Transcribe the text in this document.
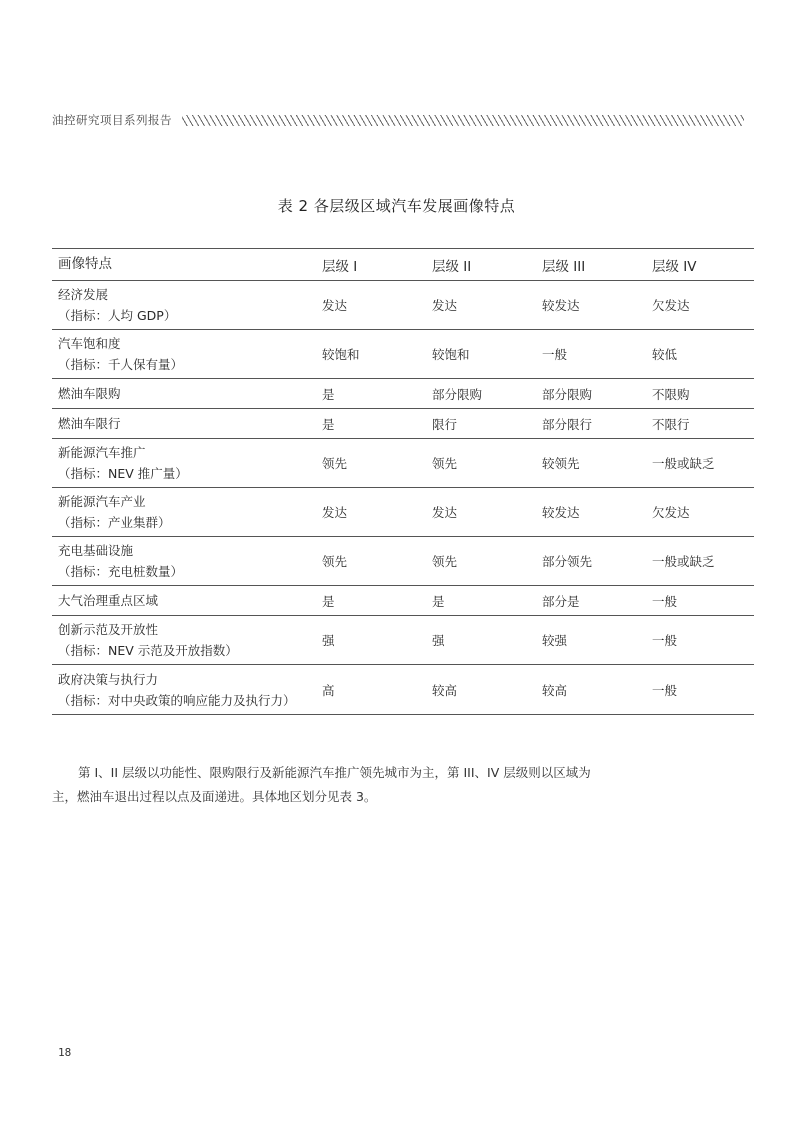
油控研究项目系列报告
表 2 各层级区域汽车发展画像特点
画像特点	层级 I	层级 II	层级 III	层级 IV
经济发展
（指标：人均 GDP）
发达	发达	较发达	欠发达
汽车饱和度
（指标：千人保有量）
较饱和	较饱和	一般	较低
燃油车限购	是	部分限购	部分限购	不限购
燃油车限行	是	限行	部分限行	不限行
新能源汽车推广
（指标：NEV 推广量）
领先	领先	较领先	一般或缺乏
新能源汽车产业
（指标：产业集群）
发达	发达	较发达	欠发达
充电基础设施
（指标：充电桩数量）
领先	领先	部分领先	一般或缺乏
大气治理重点区域	是	是	部分是	一般
创新示范及开放性
（指标：NEV 示范及开放指数）
强	强	较强	一般
政府决策与执行力
（指标：对中央政策的响应能力及执行力）
高	较高	较高	一般

第 I、II 层级以功能性、限购限行及新能源汽车推广领先城市为主，第 III、IV 层级则以区域为主，燃油车退出过程以点及面递进。具体地区划分见表 3。

18
